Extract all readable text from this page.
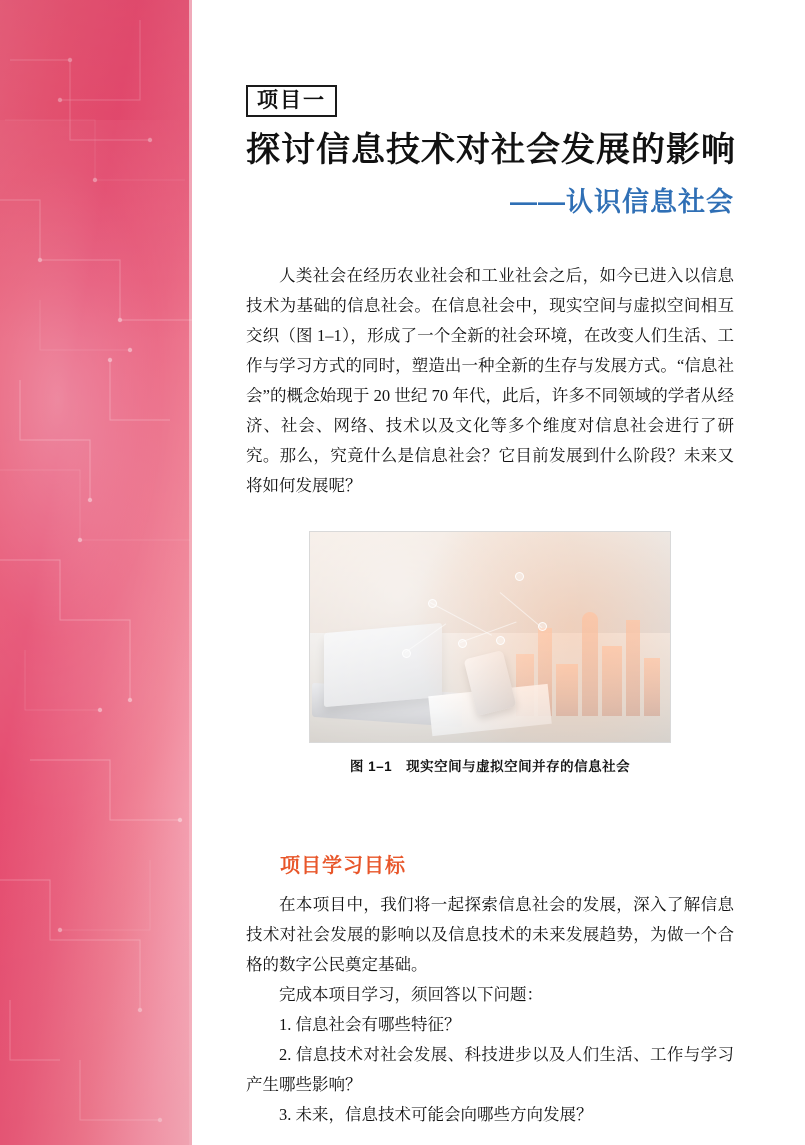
项目一
探讨信息技术对社会发展的影响
——认识信息社会

人类社会在经历农业社会和工业社会之后，如今已进入以信息技术为基础的信息社会。在信息社会中，现实空间与虚拟空间相互交织（图 1–1），形成了一个全新的社会环境，在改变人们生活、工作与学习方式的同时，塑造出一种全新的生存与发展方式。“信息社会”的概念始现于 20 世纪 70 年代，此后，许多不同领域的学者从经济、社会、网络、技术以及文化等多个维度对信息社会进行了研究。那么，究竟什么是信息社会？它目前发展到什么阶段？未来又将如何发展呢？

图 1–1 现实空间与虚拟空间并存的信息社会
项目学习目标

在本项目中，我们将一起探索信息社会的发展，深入了解信息技术对社会发展的影响以及信息技术的未来发展趋势，为做一个合格的数字公民奠定基础。

完成本项目学习，须回答以下问题：

1. 信息社会有哪些特征？

2. 信息技术对社会发展、科技进步以及人们生活、工作与学习产生哪些影响？

3. 未来，信息技术可能会向哪些方向发展？
